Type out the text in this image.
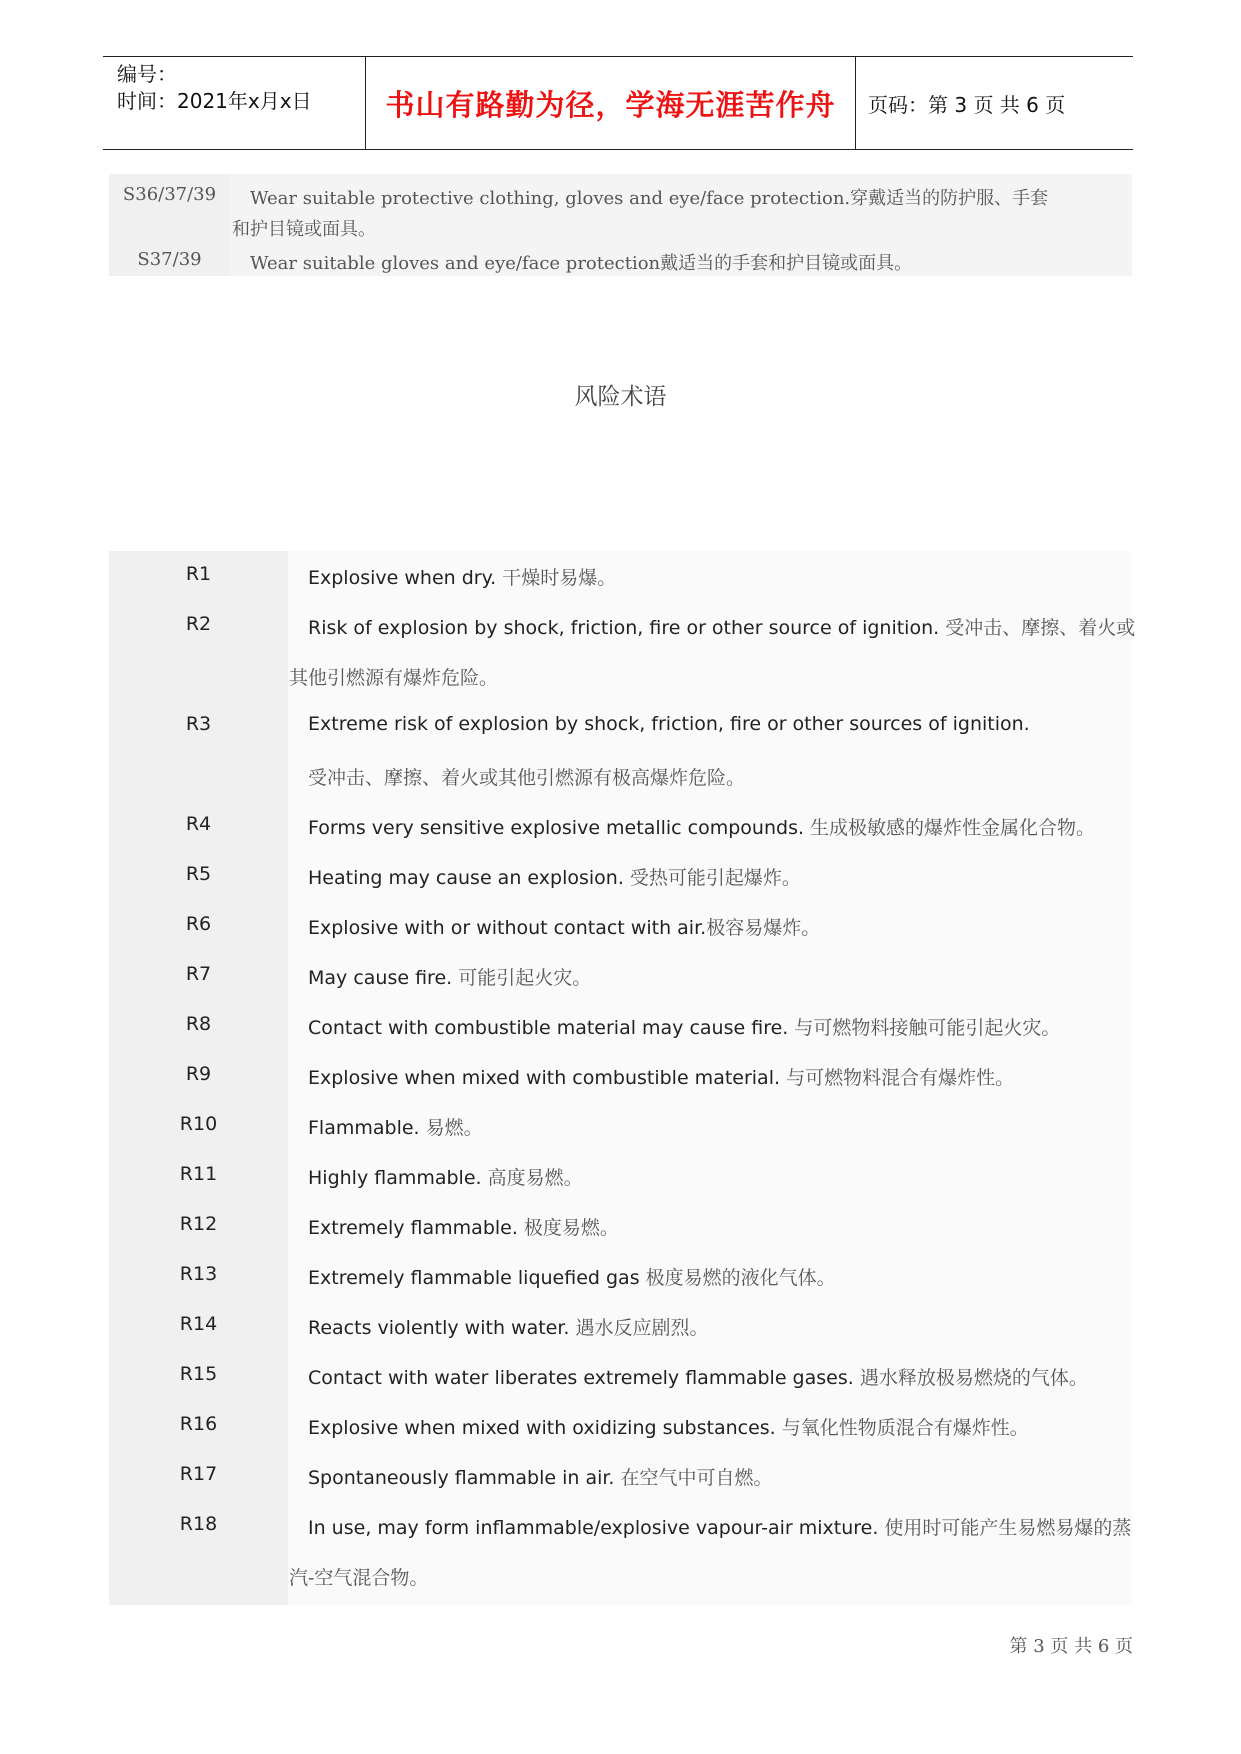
编号：
时间：2021年x月x日	书山有路勤为径，学海无涯苦作舟 页码：第 3 页 共 6 页
S36/37/39	Wear suitable protective clothing, gloves and eye/face protection.穿戴适当的防护服、手套
和护目镜或面具。
S37/39	Wear suitable gloves and eye/face protection戴适当的手套和护目镜或面具。
风险术语
R1	Explosive when dry. 干燥时易爆。
R2	Risk of explosion by shock, friction, fire or other source of ignition. 受冲击、摩擦、着火或
其他引燃源有爆炸危险。
R3	Extreme risk of explosion by shock, friction, fire or other sources of ignition.
受冲击、摩擦、着火或其他引燃源有极高爆炸危险。
R4	Forms very sensitive explosive metallic compounds. 生成极敏感的爆炸性金属化合物。
R5	Heating may cause an explosion. 受热可能引起爆炸。
R6	Explosive with or without contact with air.极容易爆炸。
R7	May cause fire. 可能引起火灾。
R8	Contact with combustible material may cause fire. 与可燃物料接触可能引起火灾。
R9	Explosive when mixed with combustible material. 与可燃物料混合有爆炸性。
R10	Flammable. 易燃。
R11	Highly flammable. 高度易燃。
R12	Extremely flammable. 极度易燃。
R13	Extremely flammable liquefied gas 极度易燃的液化气体。
R14	Reacts violently with water. 遇水反应剧烈。
R15	Contact with water liberates extremely flammable gases. 遇水释放极易燃烧的气体。
R16	Explosive when mixed with oxidizing substances. 与氧化性物质混合有爆炸性。
R17	Spontaneously flammable in air. 在空气中可自燃。
R18	In use, may form inflammable/explosive vapour-air mixture. 使用时可能产生易燃易爆的蒸
汽-空气混合物。
第 3 页 共 6 页
